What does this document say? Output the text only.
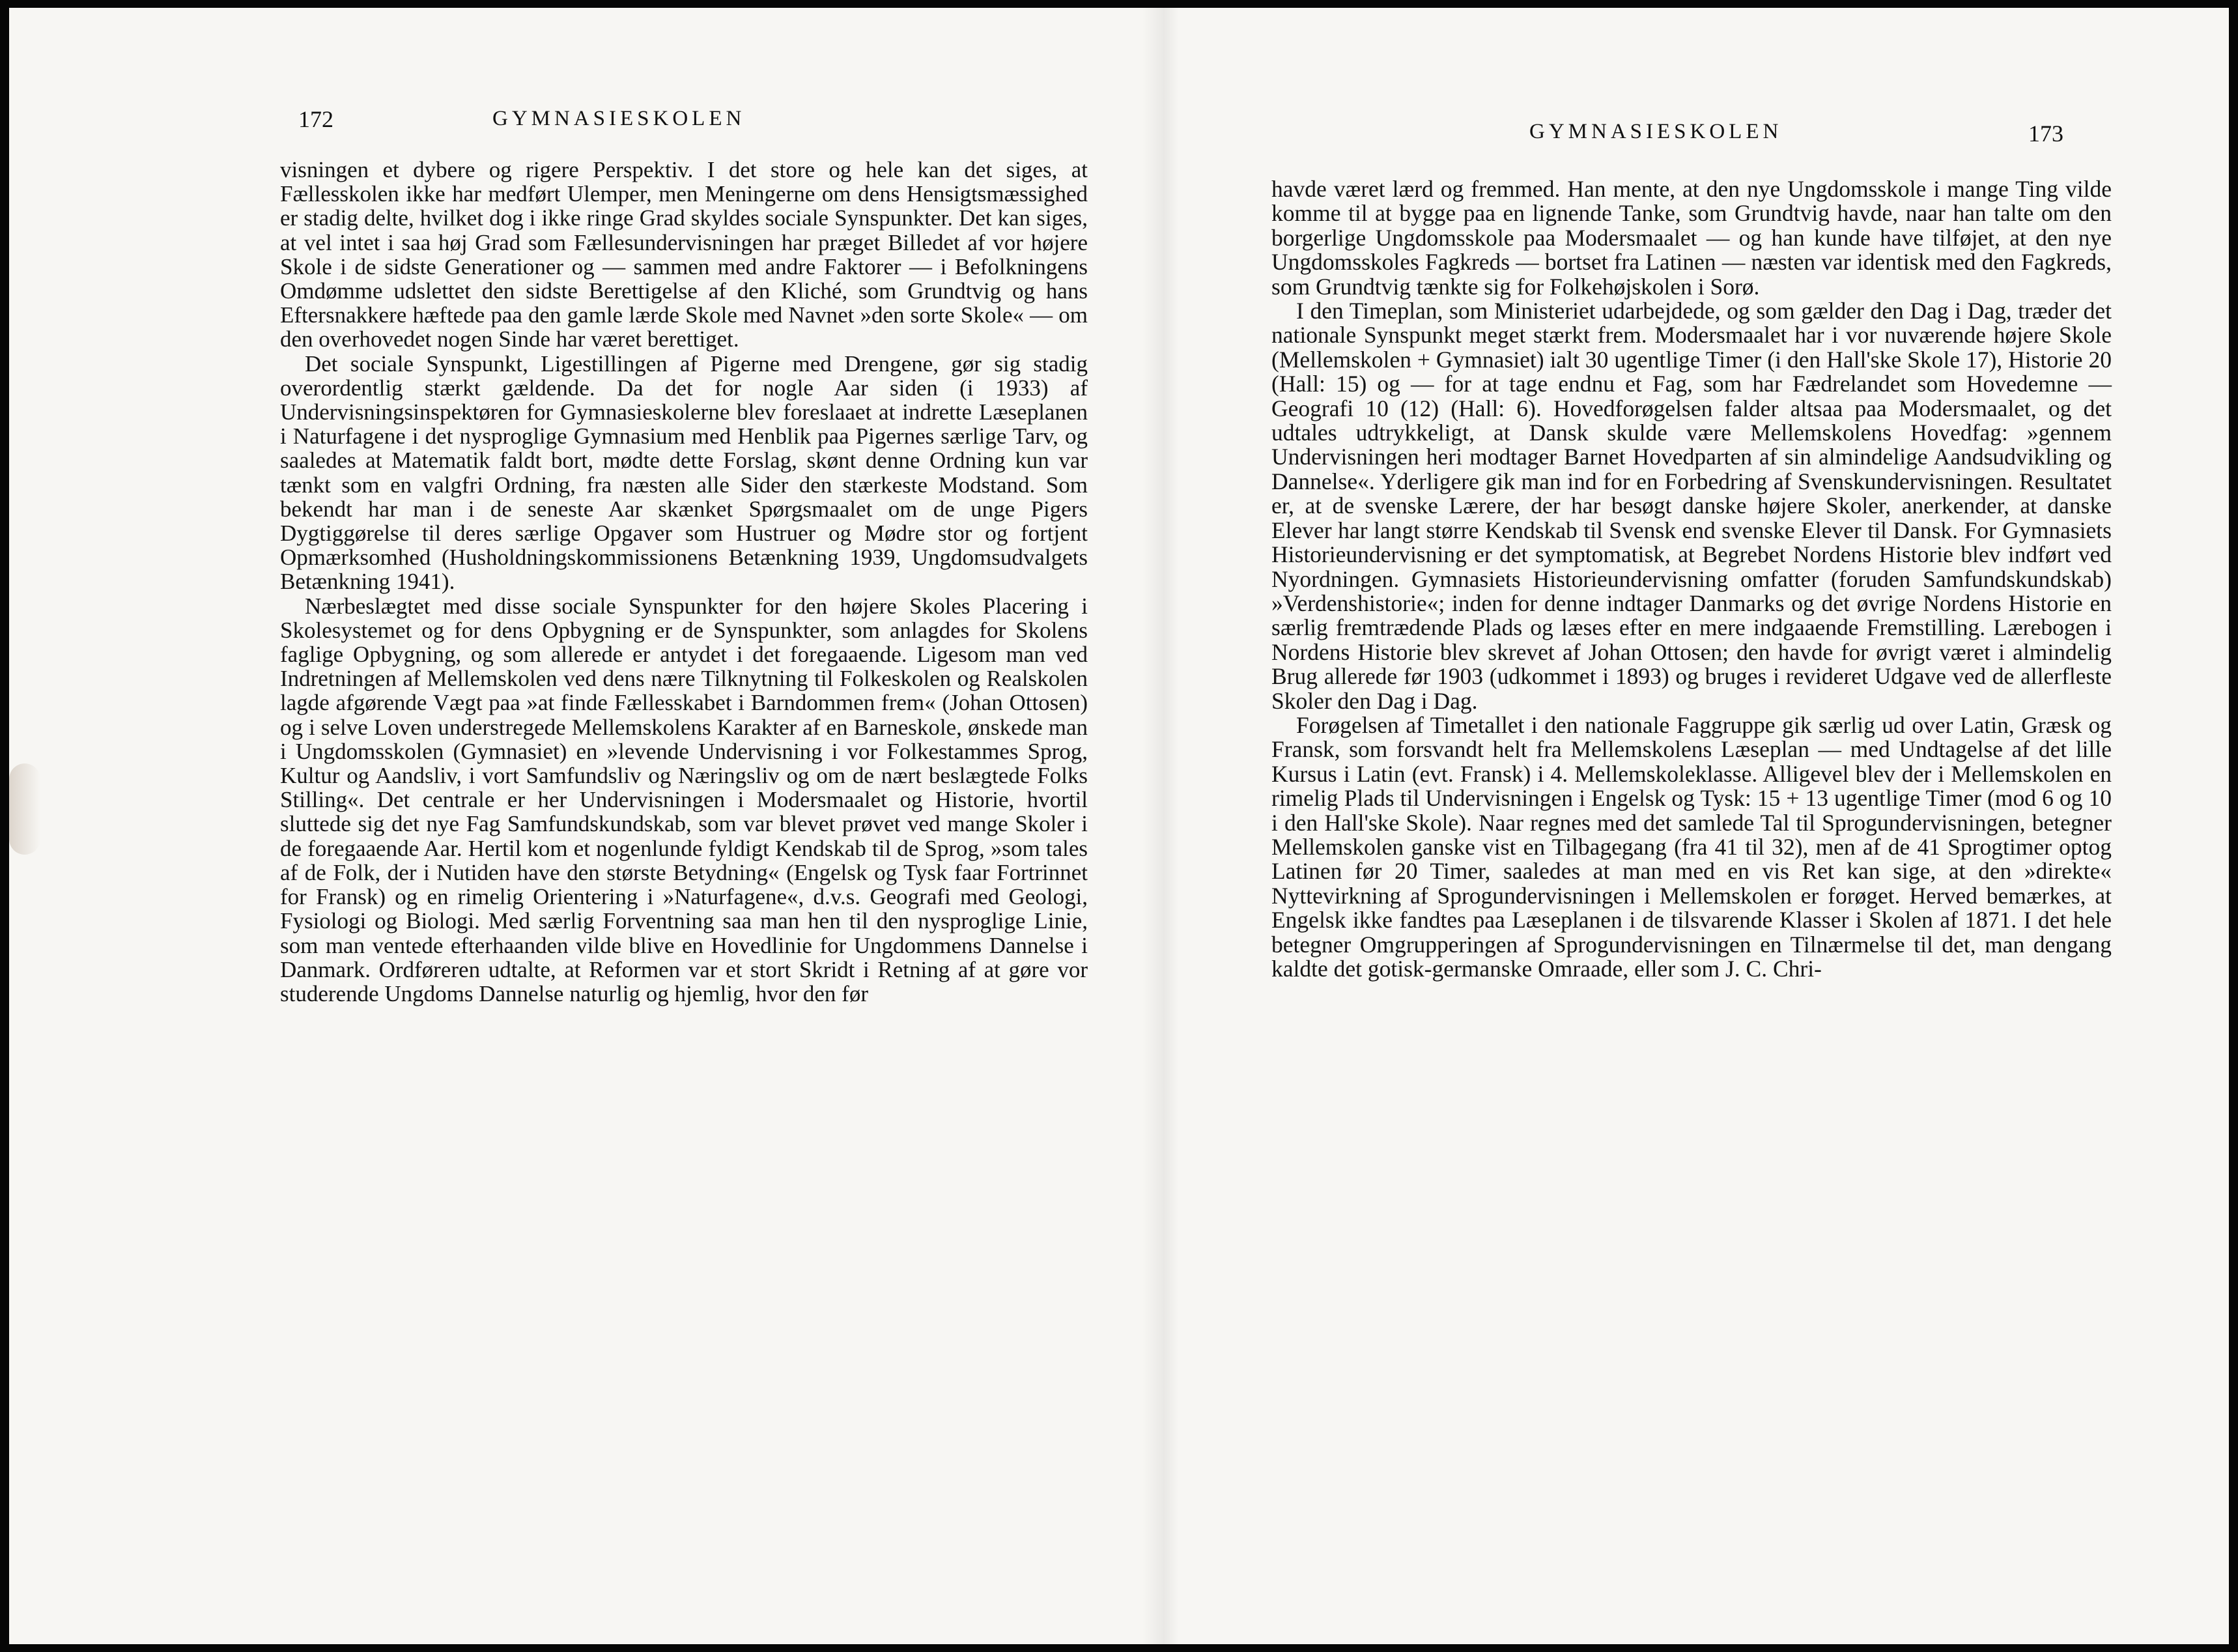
172	GYMNASIESKOLEN

visningen et dybere og rigere Perspektiv. I det store og hele kan det siges, at Fællesskolen ikke har medført Ulemper, men Meningerne om dens Hensigtsmæssighed er stadig delte, hvilket dog i ikke ringe Grad skyldes sociale Synspunkter. Det kan siges, at vel intet i saa høj Grad som Fællesundervisningen har præget Billedet af vor højere Skole i de sidste Generationer og — sammen med andre Faktorer — i Befolkningens Omdømme udslettet den sidste Berettigelse af den Kliché, som Grundtvig og hans Eftersnakkere hæftede paa den gamle lærde Skole med Navnet »den sorte Skole« — om den overhovedet nogen Sinde har været berettiget.

Det sociale Synspunkt, Ligestillingen af Pigerne med Drengene, gør sig stadig overordentlig stærkt gældende. Da det for nogle Aar siden (i 1933) af Undervisningsinspektøren for Gymnasieskolerne blev foreslaaet at indrette Læseplanen i Naturfagene i det nysproglige Gymnasium med Henblik paa Pigernes særlige Tarv, og saaledes at Matematik faldt bort, mødte dette Forslag, skønt denne Ordning kun var tænkt som en valgfri Ordning, fra næsten alle Sider den stærkeste Modstand. Som bekendt har man i de seneste Aar skænket Spørgsmaalet om de unge Pigers Dygtiggørelse til deres særlige Opgaver som Hustruer og Mødre stor og fortjent Opmærksomhed (Husholdningskommissionens Betænkning 1939, Ungdomsudvalgets Betænkning 1941).

Nærbeslægtet med disse sociale Synspunkter for den højere Skoles Placering i Skolesystemet og for dens Opbygning er de Synspunkter, som anlagdes for Skolens faglige Opbygning, og som allerede er antydet i det foregaaende. Ligesom man ved Indretningen af Mellemskolen ved dens nære Tilknytning til Folkeskolen og Realskolen lagde afgørende Vægt paa »at finde Fællesskabet i Barndommen frem« (Johan Ottosen) og i selve Loven understregede Mellemskolens Karakter af en Barneskole, ønskede man i Ungdomsskolen (Gymnasiet) en »levende Undervisning i vor Folkestammes Sprog, Kultur og Aandsliv, i vort Samfundsliv og Næringsliv og om de nært beslægtede Folks Stilling«. Det centrale er her Undervisningen i Modersmaalet og Historie, hvortil sluttede sig det nye Fag Samfundskundskab, som var blevet prøvet ved mange Skoler i de foregaaende Aar. Hertil kom et nogenlunde fyldigt Kendskab til de Sprog, »som tales af de Folk, der i Nutiden have den største Betydning« (Engelsk og Tysk faar Fortrinnet for Fransk) og en rimelig Orientering i »Naturfagene«, d.v.s. Geografi med Geologi, Fysiologi og Biologi. Med særlig Forventning saa man hen til den nysproglige Linie, som man ventede efterhaanden vilde blive en Hovedlinie for Ungdommens Dannelse i Danmark. Ordføreren udtalte, at Reformen var et stort Skridt i Retning af at gøre vor studerende Ungdoms Dannelse naturlig og hjemlig, hvor den før

GYMNASIESKOLEN	173

havde været lærd og fremmed. Han mente, at den nye Ungdomsskole i mange Ting vilde komme til at bygge paa en lignende Tanke, som Grundtvig havde, naar han talte om den borgerlige Ungdomsskole paa Modersmaalet — og han kunde have tilføjet, at den nye Ungdomsskoles Fagkreds — bortset fra Latinen — næsten var identisk med den Fagkreds, som Grundtvig tænkte sig for Folkehøjskolen i Sorø.

I den Timeplan, som Ministeriet udarbejdede, og som gælder den Dag i Dag, træder det nationale Synspunkt meget stærkt frem. Modersmaalet har i vor nuværende højere Skole (Mellemskolen + Gymnasiet) ialt 30 ugentlige Timer (i den Hall'ske Skole 17), Historie 20 (Hall: 15) og — for at tage endnu et Fag, som har Fædrelandet som Hovedemne — Geografi 10 (12) (Hall: 6). Hovedforøgelsen falder altsaa paa Modersmaalet, og det udtales udtrykkeligt, at Dansk skulde være Mellemskolens Hovedfag: »gennem Undervisningen heri modtager Barnet Hovedparten af sin almindelige Aandsudvikling og Dannelse«. Yderligere gik man ind for en Forbedring af Svenskundervisningen. Resultatet er, at de svenske Lærere, der har besøgt danske højere Skoler, anerkender, at danske Elever har langt større Kendskab til Svensk end svenske Elever til Dansk. For Gymnasiets Historieundervisning er det symptomatisk, at Begrebet Nordens Historie blev indført ved Nyordningen. Gymnasiets Historieundervisning omfatter (foruden Samfundskundskab) »Verdenshistorie«; inden for denne indtager Danmarks og det øvrige Nordens Historie en særlig fremtrædende Plads og læses efter en mere indgaaende Fremstilling. Lærebogen i Nordens Historie blev skrevet af Johan Ottosen; den havde for øvrigt været i almindelig Brug allerede før 1903 (udkommet i 1893) og bruges i revideret Udgave ved de allerfleste Skoler den Dag i Dag.

Forøgelsen af Timetallet i den nationale Faggruppe gik særlig ud over Latin, Græsk og Fransk, som forsvandt helt fra Mellemskolens Læseplan — med Undtagelse af det lille Kursus i Latin (evt. Fransk) i 4. Mellemskoleklasse. Alligevel blev der i Mellemskolen en rimelig Plads til Undervisningen i Engelsk og Tysk: 15 + 13 ugentlige Timer (mod 6 og 10 i den Hall'ske Skole). Naar regnes med det samlede Tal til Sprogundervisningen, betegner Mellemskolen ganske vist en Tilbagegang (fra 41 til 32), men af de 41 Sprogtimer optog Latinen før 20 Timer, saaledes at man med en vis Ret kan sige, at den »direkte« Nyttevirkning af Sprogundervisningen i Mellemskolen er forøget. Herved bemærkes, at Engelsk ikke fandtes paa Læseplanen i de tilsvarende Klasser i Skolen af 1871. I det hele betegner Omgrupperingen af Sprogundervisningen en Tilnærmelse til det, man dengang kaldte det gotisk-germanske Omraade, eller som J. C. Chri-
